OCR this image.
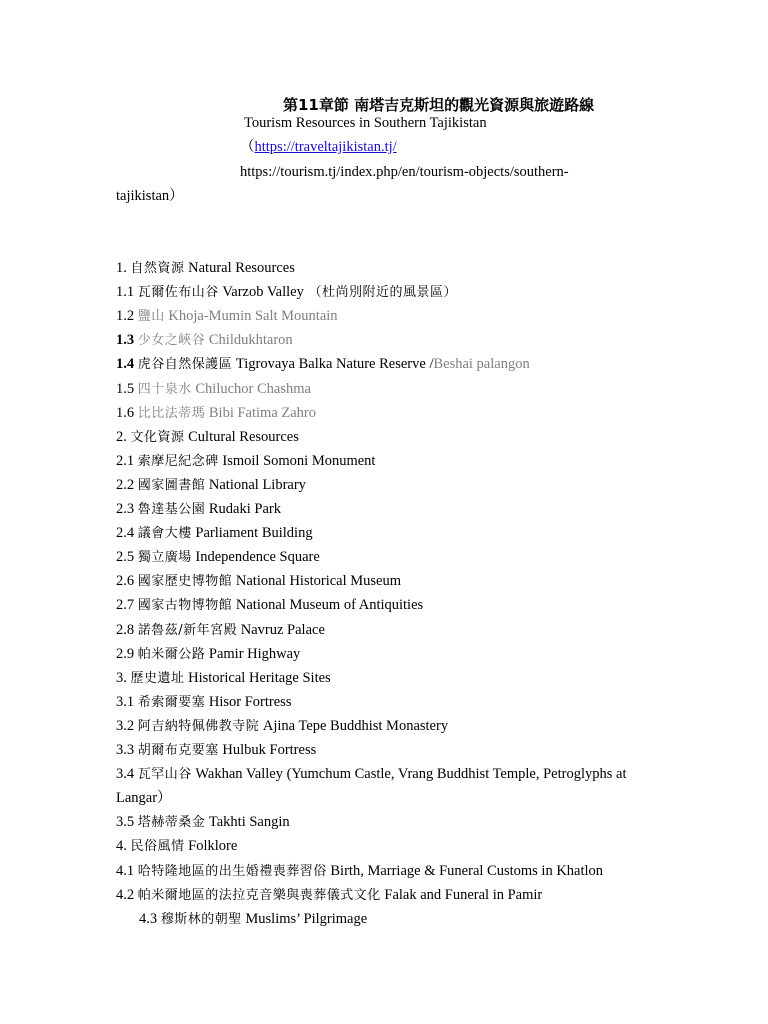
第11章節 南塔吉克斯坦的觀光資源與旅遊路線
Tourism Resources in Southern Tajikistan
（https://traveltajikistan.tj/
https://tourism.tj/index.php/en/tourism-objects/southern-
tajikistan）
1. 自然資源 Natural Resources
1.1 瓦爾佐布山谷 Varzob Valley （杜尚別附近的風景區）
1.2 鹽山 Khoja-Mumin Salt Mountain
1.3 少女之峽谷 Childukhtaron
1.4 虎谷自然保護區 Tigrovaya Balka Nature Reserve /Beshai palangon
1.5 四十泉水 Chiluchor Chashma
1.6 比比法蒂瑪 Bibi Fatima Zahro
2. 文化資源 Cultural Resources
2.1 索摩尼紀念碑 Ismoil Somoni Monument
2.2 國家圖書館 National Library
2.3 魯達基公園 Rudaki Park
2.4 議會大樓 Parliament Building
2.5 獨立廣場 Independence Square
2.6 國家歷史博物館 National Historical Museum
2.7 國家古物博物館 National Museum of Antiquities
2.8 諾魯茲/新年宮殿 Navruz Palace
2.9 帕米爾公路 Pamir Highway
3. 歷史遺址 Historical Heritage Sites
3.1 希索爾要塞 Hisor Fortress
3.2 阿吉納特佩佛教寺院 Ajina Tepe Buddhist Monastery
3.3 胡爾布克要塞 Hulbuk Fortress
3.4 瓦罕山谷 Wakhan Valley (Yumchum Castle, Vrang Buddhist Temple, Petroglyphs at
Langar）
3.5 塔赫蒂桑金 Takhti Sangin
4. 民俗風情 Folklore
4.1 哈特隆地區的出生婚禮喪葬習俗 Birth, Marriage & Funeral Customs in Khatlon
4.2 帕米爾地區的法拉克音樂與喪葬儀式文化 Falak and Funeral in Pamir
4.3 穆斯林的朝聖 Muslims’ Pilgrimage
